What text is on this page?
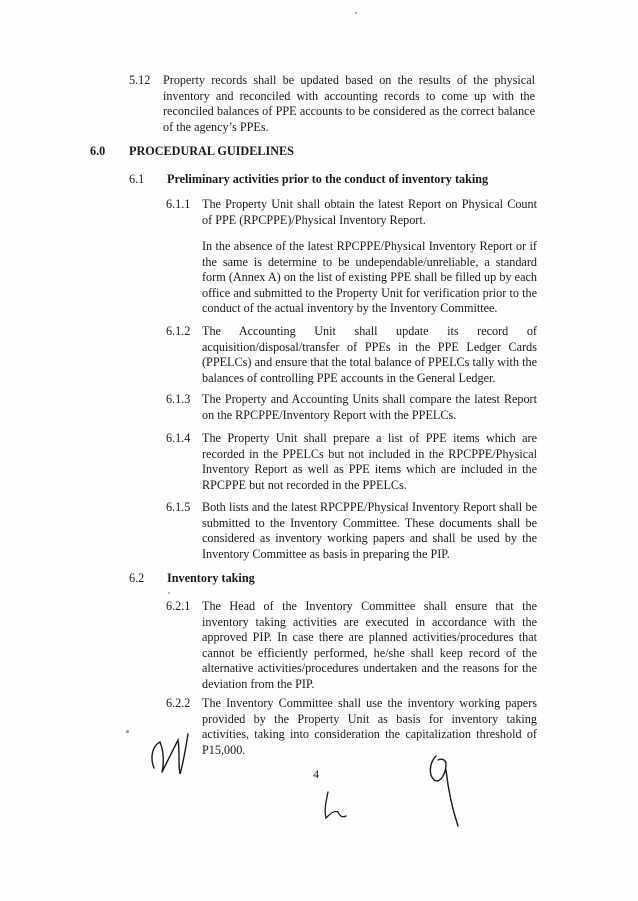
5.12 Property records shall be updated based on the results of the physical inventory and reconciled with accounting records to come up with the reconciled balances of PPE accounts to be considered as the correct balance of the agency’s PPEs.
6.0 PROCEDURAL GUIDELINES
6.1 Preliminary activities prior to the conduct of inventory taking
6.1.1 The Property Unit shall obtain the latest Report on Physical Count of PPE (RPCPPE)/Physical Inventory Report.
In the absence of the latest RPCPPE/Physical Inventory Report or if the same is determine to be undependable/unreliable, a standard form (Annex A) on the list of existing PPE shall be filled up by each office and submitted to the Property Unit for verification prior to the conduct of the actual inventory by the Inventory Committee.
6.1.2 The Accounting Unit shall update its record of acquisition/disposal/transfer of PPEs in the PPE Ledger Cards (PPELCs) and ensure that the total balance of PPELCs tally with the balances of controlling PPE accounts in the General Ledger.
6.1.3 The Property and Accounting Units shall compare the latest Report on the RPCPPE/Inventory Report with the PPELCs.
6.1.4 The Property Unit shall prepare a list of PPE items which are recorded in the PPELCs but not included in the RPCPPE/Physical Inventory Report as well as PPE items which are included in the RPCPPE but not recorded in the PPELCs.
6.1.5 Both lists and the latest RPCPPE/Physical Inventory Report shall be submitted to the Inventory Committee. These documents shall be considered as inventory working papers and shall be used by the Inventory Committee as basis in preparing the PIP.
6.2 Inventory taking
6.2.1 The Head of the Inventory Committee shall ensure that the inventory taking activities are executed in accordance with the approved PIP. In case there are planned activities/procedures that cannot be efficiently performed, he/she shall keep record of the alternative activities/procedures undertaken and the reasons for the deviation from the PIP.
6.2.2 The Inventory Committee shall use the inventory working papers provided by the Property Unit as basis for inventory taking activities, taking into consideration the capitalization threshold of P15,000.
4
